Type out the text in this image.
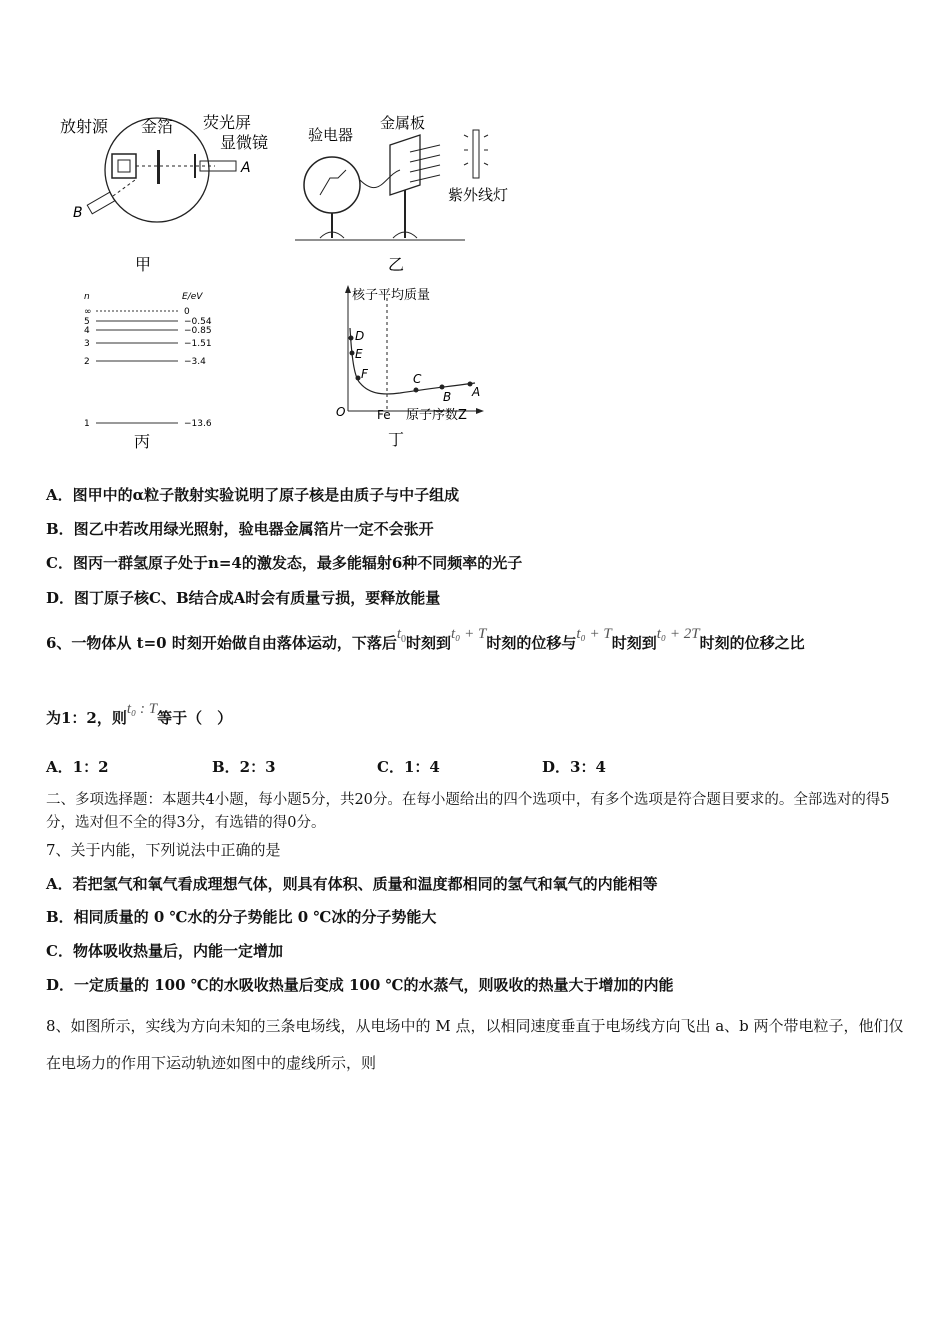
放射源 金箔 荧光屏
显微镜
A
B
甲
验电器
金属板
紫外线灯
乙
n	E/eV
∞	0
5	−0.54
4	−0.85
3	−1.51
2	−3.4
1	−13.6
丙
核子平均质量
D
E
F	C
B A
O	Fe 原子序数Z
丁
A．图甲中的α粒子散射实验说明了原子核是由质子与中子组成
B．图乙中若改用绿光照射，验电器金属箔片一定不会张开
C．图丙一群氢原子处于n=4的激发态，最多能辐射6种不同频率的光子
D．图丁原子核C、B结合成A时会有质量亏损，要释放能量
6、一物体从 t=0 时刻开始做自由落体运动，下落后$t_0$时刻到t₀ + T时刻的位移与t₀ + T时刻到t₀ + 2T时刻的位移之比
为1：2，则t₀ : T等于（　）
A．1：2	B．2：3	C．1：4	D．3：4
二、多项选择题：本题共4小题，每小题5分，共20分。在每小题给出的四个选项中，有多个选项是符合题目要求的。全部选对的得5分，选对但不全的得3分，有选错的得0分。
7、关于内能，下列说法中正确的是
A．若把氢气和氧气看成理想气体，则具有体积、质量和温度都相同的氢气和氧气的内能相等
B．相同质量的 0 ℃水的分子势能比 0 ℃冰的分子势能大
C．物体吸收热量后，内能一定增加
D．一定质量的 100 ℃的水吸收热量后变成 100 ℃的水蒸气，则吸收的热量大于增加的内能
8、如图所示，实线为方向未知的三条电场线，从电场中的 M 点，以相同速度垂直于电场线方向飞出 a、b 两个带电粒子，他们仅在电场力的作用下运动轨迹如图中的虚线所示，则
